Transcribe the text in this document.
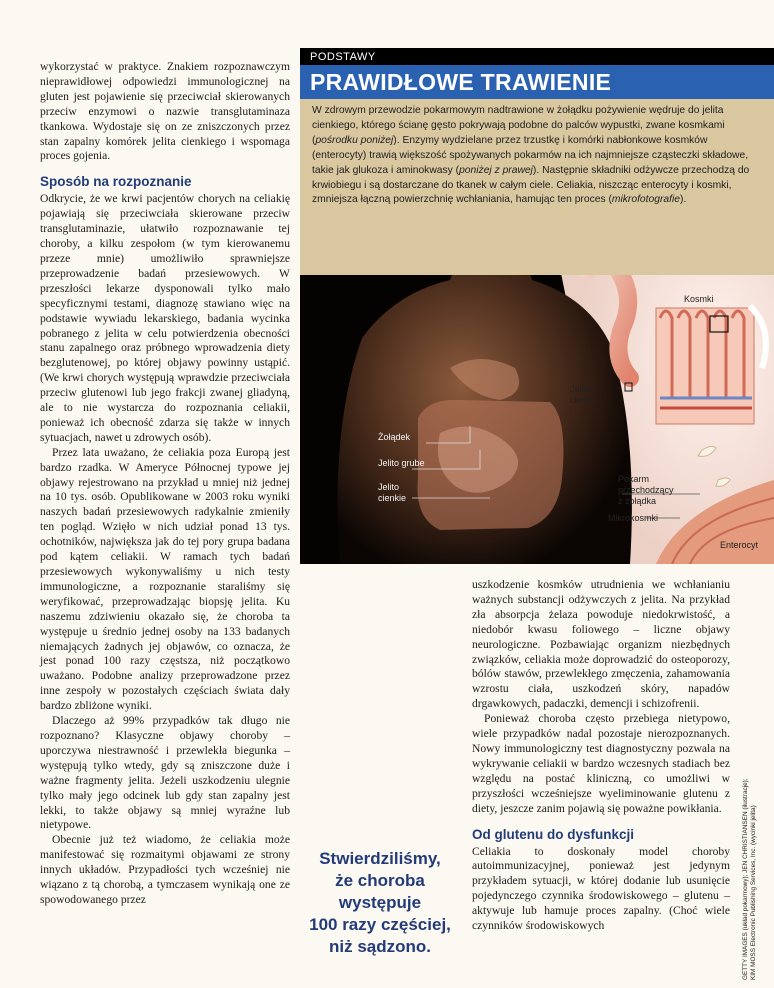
wykorzystać w praktyce. Znakiem rozpoznawczym nieprawidłowej odpowiedzi immunologicznej na gluten jest pojawienie się przeciwciał skierowanych przeciw enzymowi o nazwie transglutaminaza tkankowa. Wydostaje się on ze zniszczonych przez stan zapalny komórek jelita cienkiego i wspomaga proces gojenia.

Sposób na rozpoznanie

Odkrycie, że we krwi pacjentów chorych na celiakię pojawiają się przeciwciała skierowane przeciw transglutaminazie, ułatwiło rozpoznawanie tej choroby, a kilku zespołom (w tym kierowanemu przeze mnie) umożliwiło sprawniejsze przeprowadzenie badań przesiewowych. W przeszłości lekarze dysponowali tylko mało specyficznymi testami, diagnozę stawiano więc na podstawie wywiadu lekarskiego, badania wycinka pobranego z jelita w celu potwierdzenia obecności stanu zapalnego oraz próbnego wprowadzenia diety bezglutenowej, po której objawy powinny ustąpić. (We krwi chorych występują wprawdzie przeciwciała przeciw glutenowi lub jego frakcji zwanej gliadyną, ale to nie wystarcza do rozpoznania celiakii, ponieważ ich obecność zdarza się także w innych sytuacjach, nawet u zdrowych osób).

Przez lata uważano, że celiakia poza Europą jest bardzo rzadka. W Ameryce Północnej typowe jej objawy rejestrowano na przykład u mniej niż jednej na 10 tys. osób. Opublikowane w 2003 roku wyniki naszych badań przesiewowych radykalnie zmieniły ten pogląd. Wzięło w nich udział ponad 13 tys. ochotników, największa jak do tej pory grupa badana pod kątem celiakii. W ramach tych badań przesiewowych wykonywaliśmy u nich testy immunologiczne, a rozpoznanie staraliśmy się weryfikować, przeprowadzając biopsję jelita. Ku naszemu zdziwieniu okazało się, że choroba ta występuje u średnio jednej osoby na 133 badanych niemających żadnych jej objawów, co oznacza, że jest ponad 100 razy częstsza, niż początkowo uważano. Podobne analizy przeprowadzone przez inne zespoły w pozostałych częściach świata dały bardzo zbliżone wyniki.

Dlaczego aż 99% przypadków tak długo nie rozpoznano? Klasyczne objawy choroby – uporczywa niestrawność i przewlekła biegunka – występują tylko wtedy, gdy są zniszczone duże i ważne fragmenty jelita. Jeżeli uszkodzeniu ulegnie tylko mały jego odcinek lub gdy stan zapalny jest lekki, to także objawy są mniej wyraźne lub nietypowe.

Obecnie już też wiadomo, że celiakia może manifestować się rozmaitymi objawami ze strony innych układów. Przypadłości tych wcześniej nie wiązano z tą chorobą, a tymczasem wynikają one ze spowodowanego przez

Żołądek
Jelito grube
Jelito
cienkie
Jelito
cienkie
Kosmki
Pokarm
przechodzący
z żołądka
Mikrokosmki
Enterocyt
PODSTAWY
PRAWIDŁOWE TRAWIENIE
W zdrowym przewodzie pokarmowym nadtrawione w żołądku pożywienie wędruje do jelita cienkiego, którego ścianę gęsto pokrywają podobne do palców wypustki, zwane kosmkami (pośrodku poniżej). Enzymy wydzielane przez trzustkę i komórki nabłonkowe kosmków (enterocyty) trawią większość spożywanych pokarmów na ich najmniejsze cząsteczki składowe, takie jak glukoza i aminokwasy (poniżej z prawej). Następnie składniki odżywcze przechodzą do krwiobiegu i są dostarczane do tkanek w całym ciele. Celiakia, niszcząc enterocyty i kosmki, zmniejsza łączną powierzchnię wchłaniania, hamując ten proces (mikrofotografie).
Stwierdziliśmy,
że choroba
występuje
100 razy częściej,
niż sądzono.

uszkodzenie kosmków utrudnienia we wchłanianiu ważnych substancji odżywczych z jelita. Na przykład zła absorpcja żelaza powoduje niedokrwistość, a niedobór kwasu foliowego – liczne objawy neurologiczne. Pozbawiając organizm niezbędnych związków, celiakia może doprowadzić do osteoporozy, bólów stawów, przewlekłego zmęczenia, zahamowania wzrostu ciała, uszkodzeń skóry, napadów drgawkowych, padaczki, demencji i schizofrenii.

Ponieważ choroba często przebiega nietypowo, wiele przypadków nadal pozostaje nierozpoznanych. Nowy immunologiczny test diagnostyczny pozwala na wykrywanie celiakii w bardzo wczesnych stadiach bez względu na postać kliniczną, co umożliwi w przyszłości wcześniejsze wyeliminowanie glutenu z diety, jeszcze zanim pojawią się poważne powikłania.

Od glutenu do dysfunkcji

Celiakia to doskonały model choroby autoimmunizacyjnej, ponieważ jest jedynym przykładem sytuacji, w której dodanie lub usunięcie pojedynczego czynnika środowiskowego – glutenu – aktywuje lub hamuje proces zapalny. (Choć wiele czynników środowiskowych	GETTY IMAGES (układ pokarmowy); JEN CHRISTIANSEN (ilustracje); KIM MOSS Electronic Publishing Services, Inc. (wycinki jelita)
